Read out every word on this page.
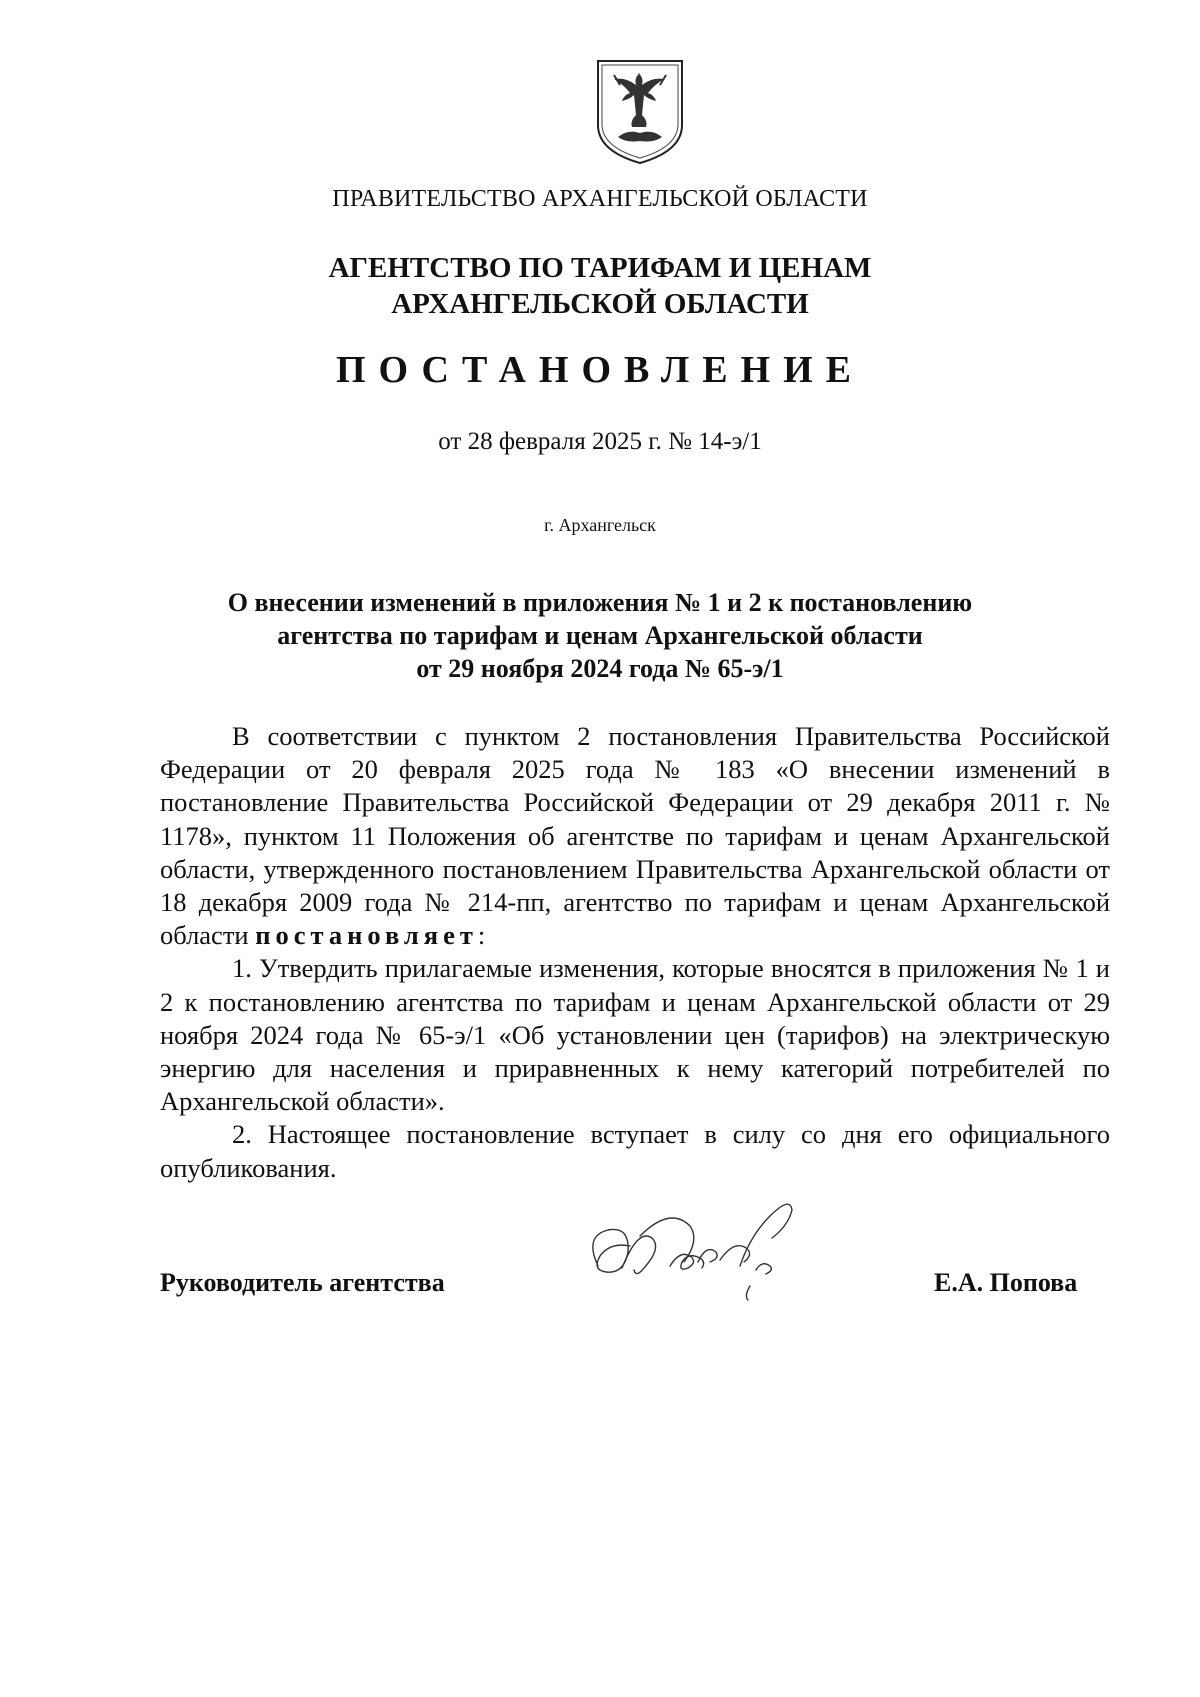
ПРАВИТЕЛЬСТВО АРХАНГЕЛЬСКОЙ ОБЛАСТИ
АГЕНТСТВО ПО ТАРИФАМ И ЦЕНАМ
АРХАНГЕЛЬСКОЙ ОБЛАСТИ
ПОСТАНОВЛЕНИЕ
от 28 февраля 2025 г. № 14-э/1
г. Архангельск
О внесении изменений в приложения № 1 и 2 к постановлению
агентства по тарифам и ценам Архангельской области
от 29 ноября 2024 года № 65-э/1

В соответствии с пунктом 2 постановления Правительства Российской Федерации от 20 февраля 2025 года № 183 «О внесении изменений в постановление Правительства Российской Федерации от 29 декабря 2011 г. № 1178», пунктом 11 Положения об агентстве по тарифам и ценам Архангельской области, утвержденного постановлением Правительства Архангельской области от 18 декабря 2009 года № 214-пп, агентство по тарифам и ценам Архангельской области постановляет:

1. Утвердить прилагаемые изменения, которые вносятся в приложения № 1 и 2 к постановлению агентства по тарифам и ценам Архангельской области от 29 ноября 2024 года № 65-э/1 «Об установлении цен (тарифов) на электрическую энергию для населения и приравненных к нему категорий потребителей по Архангельской области».

2. Настоящее постановление вступает в силу со дня его официального опубликования.

Руководитель агентства	Е.А. Попова
